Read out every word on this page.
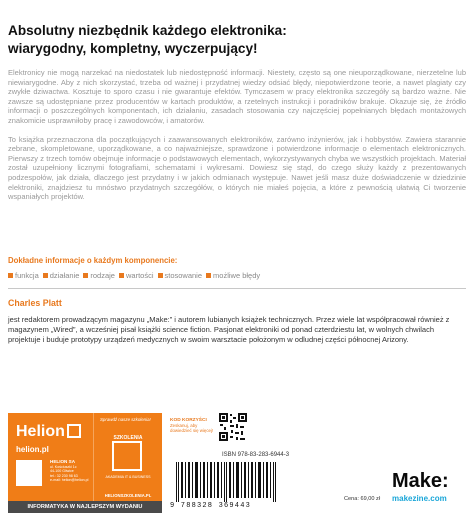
Absolutny niezbędnik każdego elektronika:
wiarygodny, kompletny, wyczerpujący!

Elektronicy nie mogą narzekać na niedostatek lub niedostępność informacji. Niestety, często są one nieuporządkowane, nierzetelne lub niewiarygodne. Aby z nich skorzystać, trzeba od ważnej i przydatnej wiedzy odsiać błędy, niepotwierdzone teorie, a nawet plagiaty czy zwykłe dziwactwa. Kosztuje to sporo czasu i nie gwarantuje efektów. Tymczasem w pracy elektronika szczegóły są bardzo ważne. Nie zawsze są udostępniane przez producentów w kartach produktów, a rzetelnych instrukcji i poradników brakuje. Okazuje się, że źródło informacji o poszczególnych komponentach, ich działaniu, zasadach stosowania czy najczęściej popełnianych błędach montażowych znakomicie usprawniłoby pracę i zawodowców, i amatorów.

To książka przeznaczona dla początkujących i zaawansowanych elektroników, zarówno inżynierów, jak i hobbystów. Zawiera starannie zebrane, skompletowane, uporządkowane, a co najważniejsze, sprawdzone i potwierdzone informacje o elementach elektronicznych. Pierwszy z trzech tomów obejmuje informacje o podstawowych elementach, wykorzystywanych chyba we wszystkich projektach. Materiał został uzupełniony licznymi fotografiami, schematami i wykresami. Dowiesz się stąd, do czego służy każdy z prezentowanych podzespołów, jak działa, dlaczego jest przydatny i w jakich odmianach występuje. Nawet jeśli masz duże doświadczenie w dziedzinie elektroniki, znajdziesz tu mnóstwo przydatnych szczegółów, o których nie miałeś pojęcia, a które z pewnością ułatwią Ci tworzenie wspaniałych projektów.

Dokładne informacje o każdym komponencie:
funkcja	działanie	rodzaje	wartości	stosowanie	możliwe błędy
Charles Platt
jest redaktorem prowadzącym magazynu „Make:” i autorem lubianych książek technicznych. Przez wiele lat współpracował również z magazynem „Wired”, a wcześniej pisał książki science fiction. Pasjonat elektroniki od ponad czterdziestu lat, w wolnych chwilach projektuje i buduje prototypy urządzeń medycznych w swoim warsztacie położonym w odludnej części północnej Arizony.
Helion
helion.pl
HELION SA
ul. Kościuszki 1c
44-100 Gliwice
tel.: 32 230 98 63
e-mail: helion@helion.pl
Sprawdź nasze szkolenia!
SZKOLENIA
AKADEMIA IT & BUSINESS
HELIONSZKOLENIA.PL
INFORMATYKA W NAJLEPSZYM WYDANIU
KOD KORZYŚCI
Zeskanuj, aby dowiedzieć się więcej!
ISBN 978-83-283-6944-3
9 788328 369443
Cena: 69,00 zł
Make:
makezine.com
